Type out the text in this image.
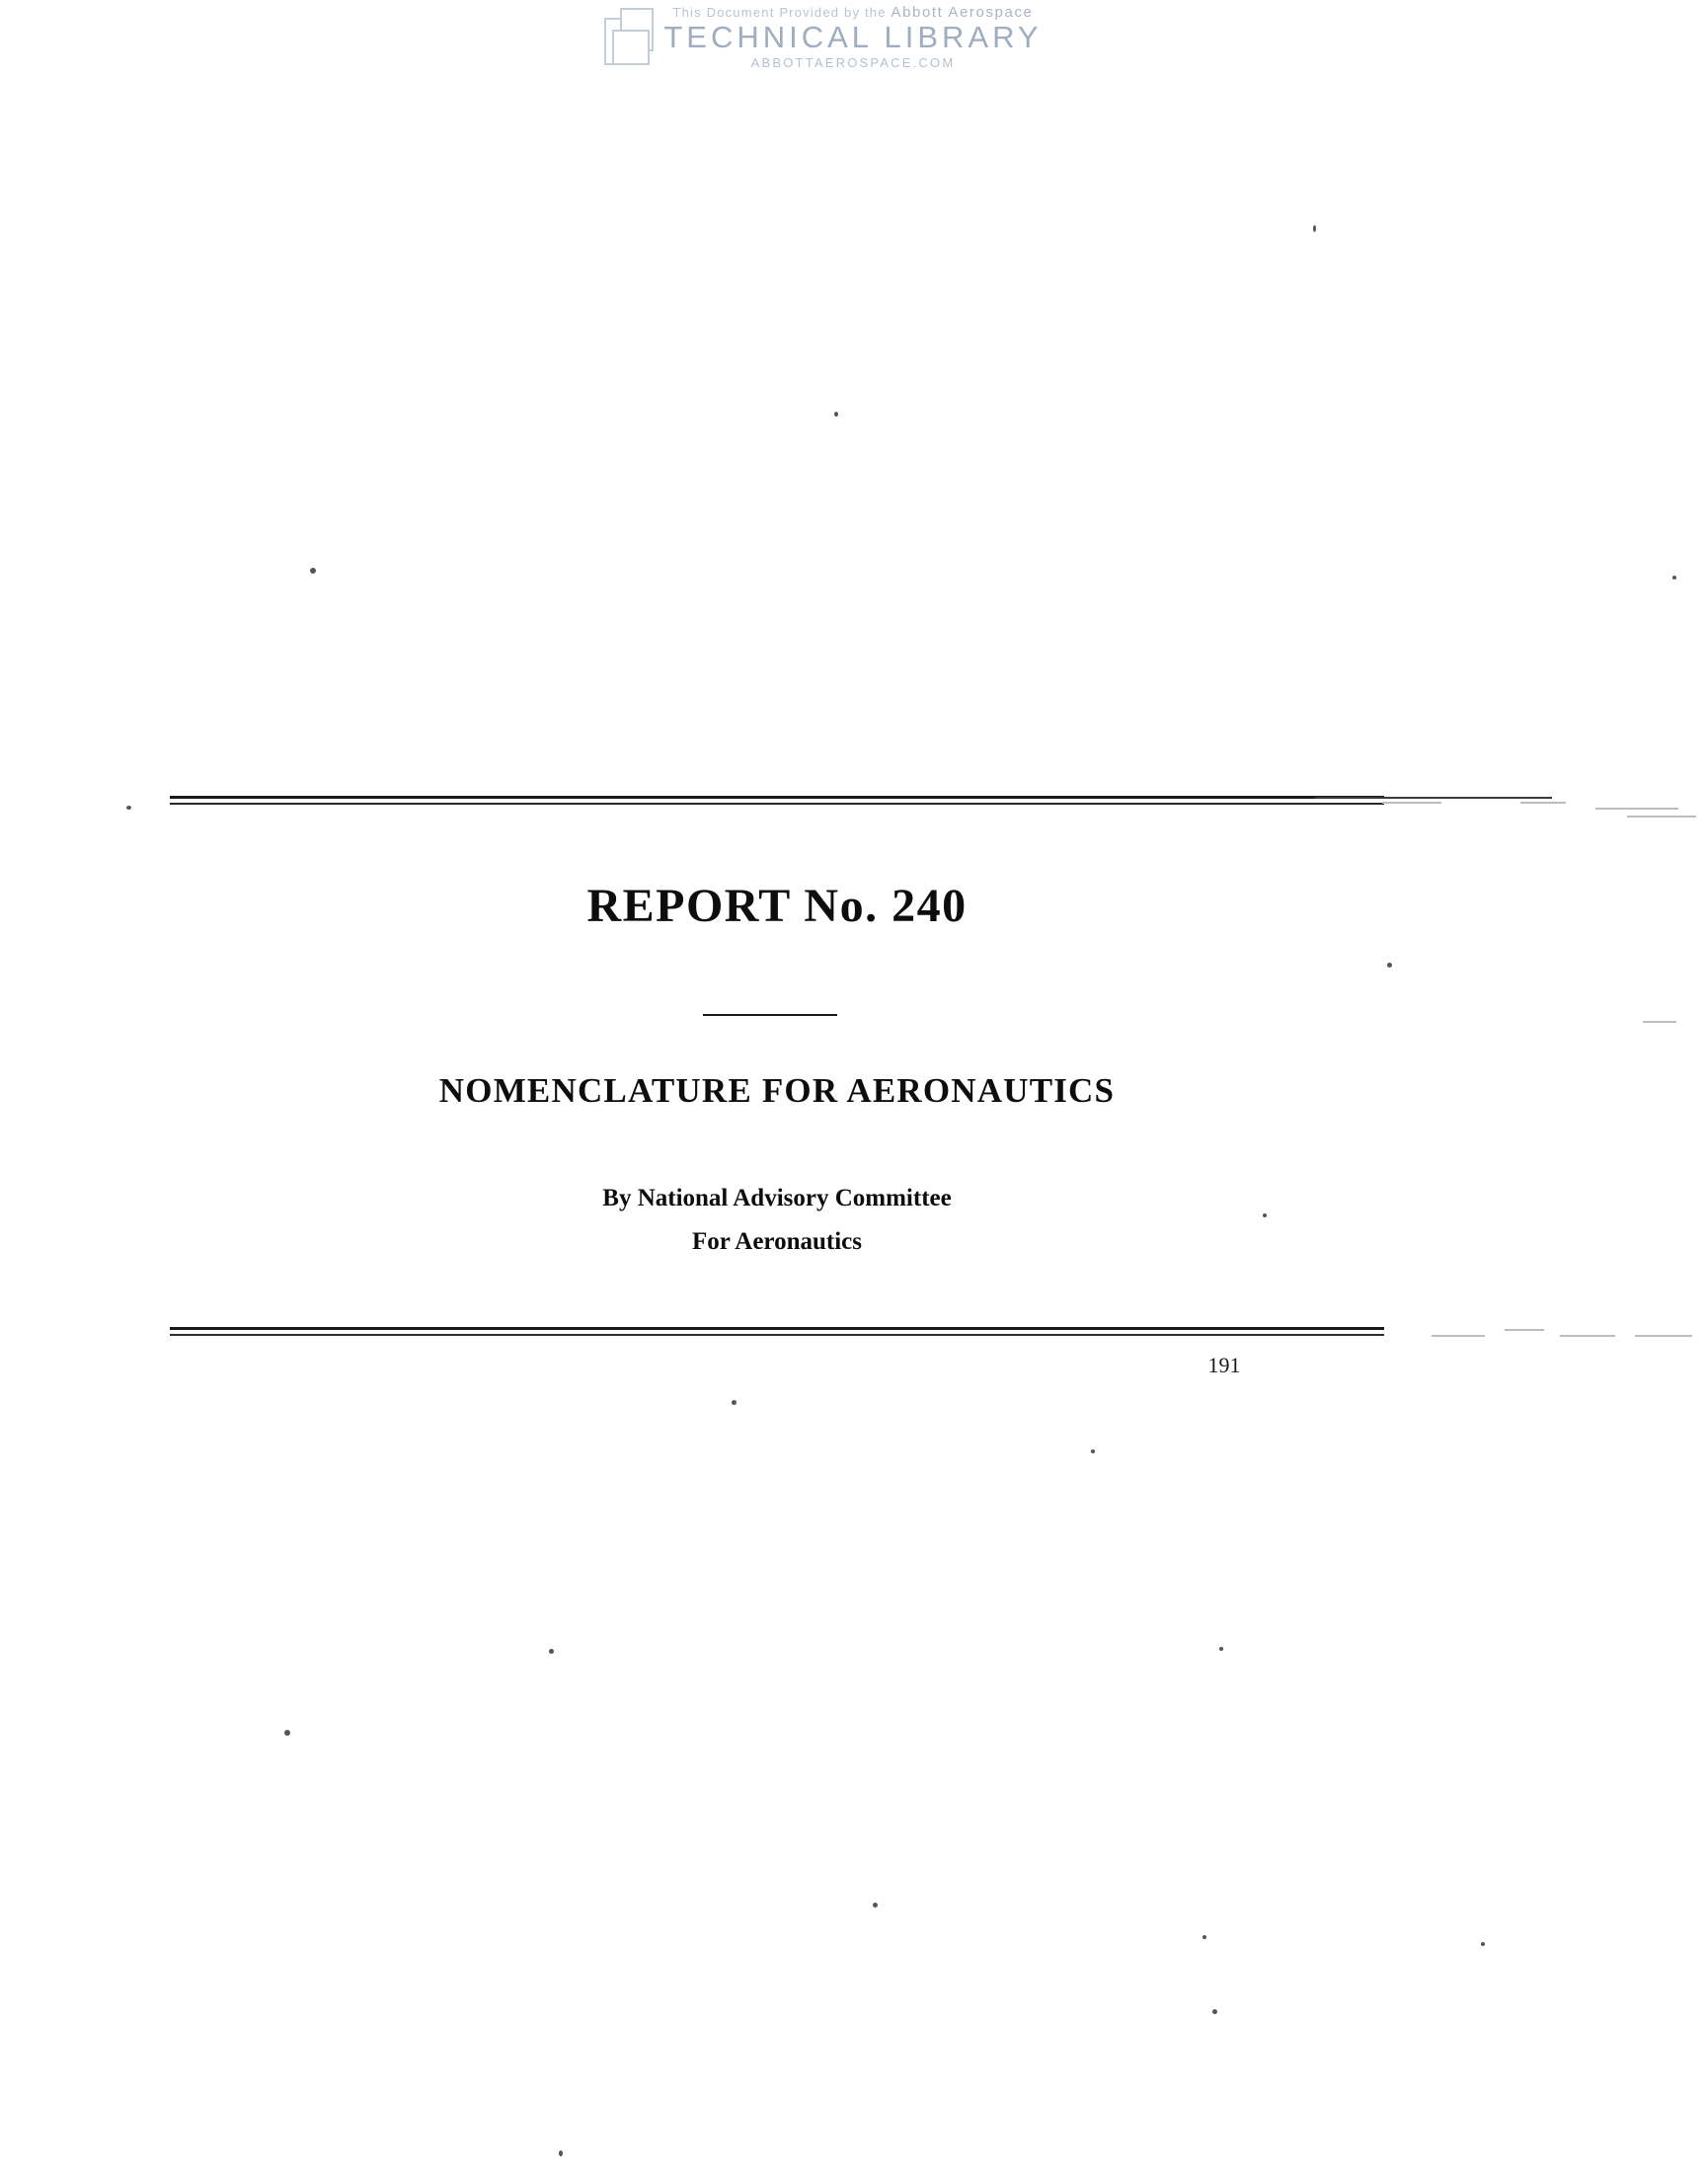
This Document Provided by the Abbott Aerospace
TECHNICAL LIBRARY
ABBOTTAEROSPACE.COM
REPORT No. 240
NOMENCLATURE FOR AERONAUTICS
By National Advisory Committee
For Aeronautics
191
